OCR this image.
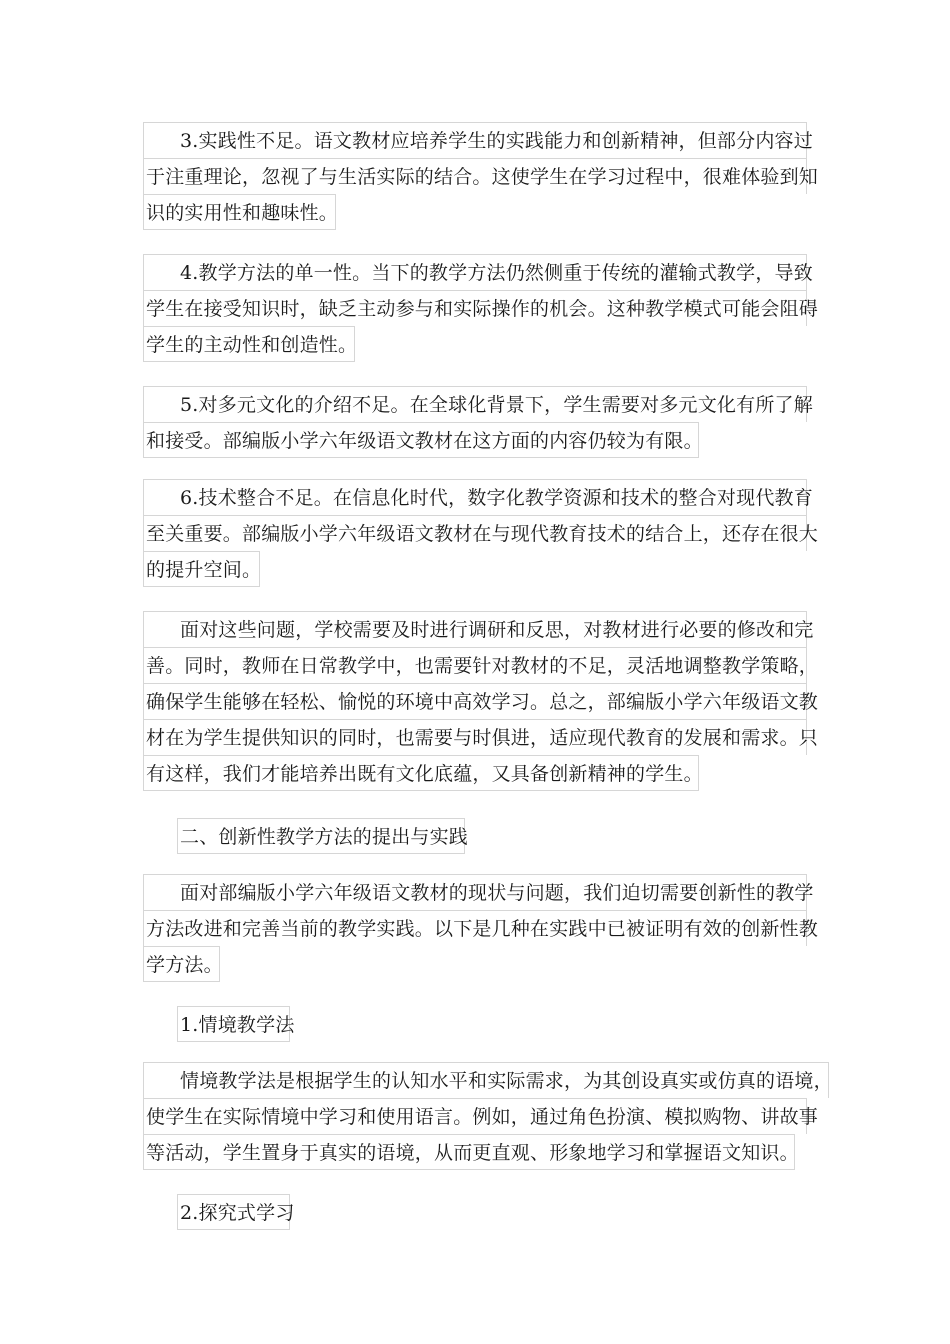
3.实践性不足。语文教材应培养学生的实践能力和创新精神，但部分内容过
于注重理论，忽视了与生活实际的结合。这使学生在学习过程中，很难体验到知
识的实用性和趣味性。
4.教学方法的单一性。当下的教学方法仍然侧重于传统的灌输式教学，导致
学生在接受知识时，缺乏主动参与和实际操作的机会。这种教学模式可能会阻碍
学生的主动性和创造性。
5.对多元文化的介绍不足。在全球化背景下，学生需要对多元文化有所了解
和接受。部编版小学六年级语文教材在这方面的内容仍较为有限。
6.技术整合不足。在信息化时代，数字化教学资源和技术的整合对现代教育
至关重要。部编版小学六年级语文教材在与现代教育技术的结合上，还存在很大
的提升空间。
面对这些问题，学校需要及时进行调研和反思，对教材进行必要的修改和完
善。同时，教师在日常教学中，也需要针对教材的不足，灵活地调整教学策略，
确保学生能够在轻松、愉悦的环境中高效学习。总之，部编版小学六年级语文教
材在为学生提供知识的同时，也需要与时俱进，适应现代教育的发展和需求。只
有这样，我们才能培养出既有文化底蕴，又具备创新精神的学生。
二、创新性教学方法的提出与实践
面对部编版小学六年级语文教材的现状与问题，我们迫切需要创新性的教学
方法改进和完善当前的教学实践。以下是几种在实践中已被证明有效的创新性教
学方法。
1.情境教学法
情境教学法是根据学生的认知水平和实际需求，为其创设真实或仿真的语境，
使学生在实际情境中学习和使用语言。例如，通过角色扮演、模拟购物、讲故事
等活动，学生置身于真实的语境，从而更直观、形象地学习和掌握语文知识。
2.探究式学习
